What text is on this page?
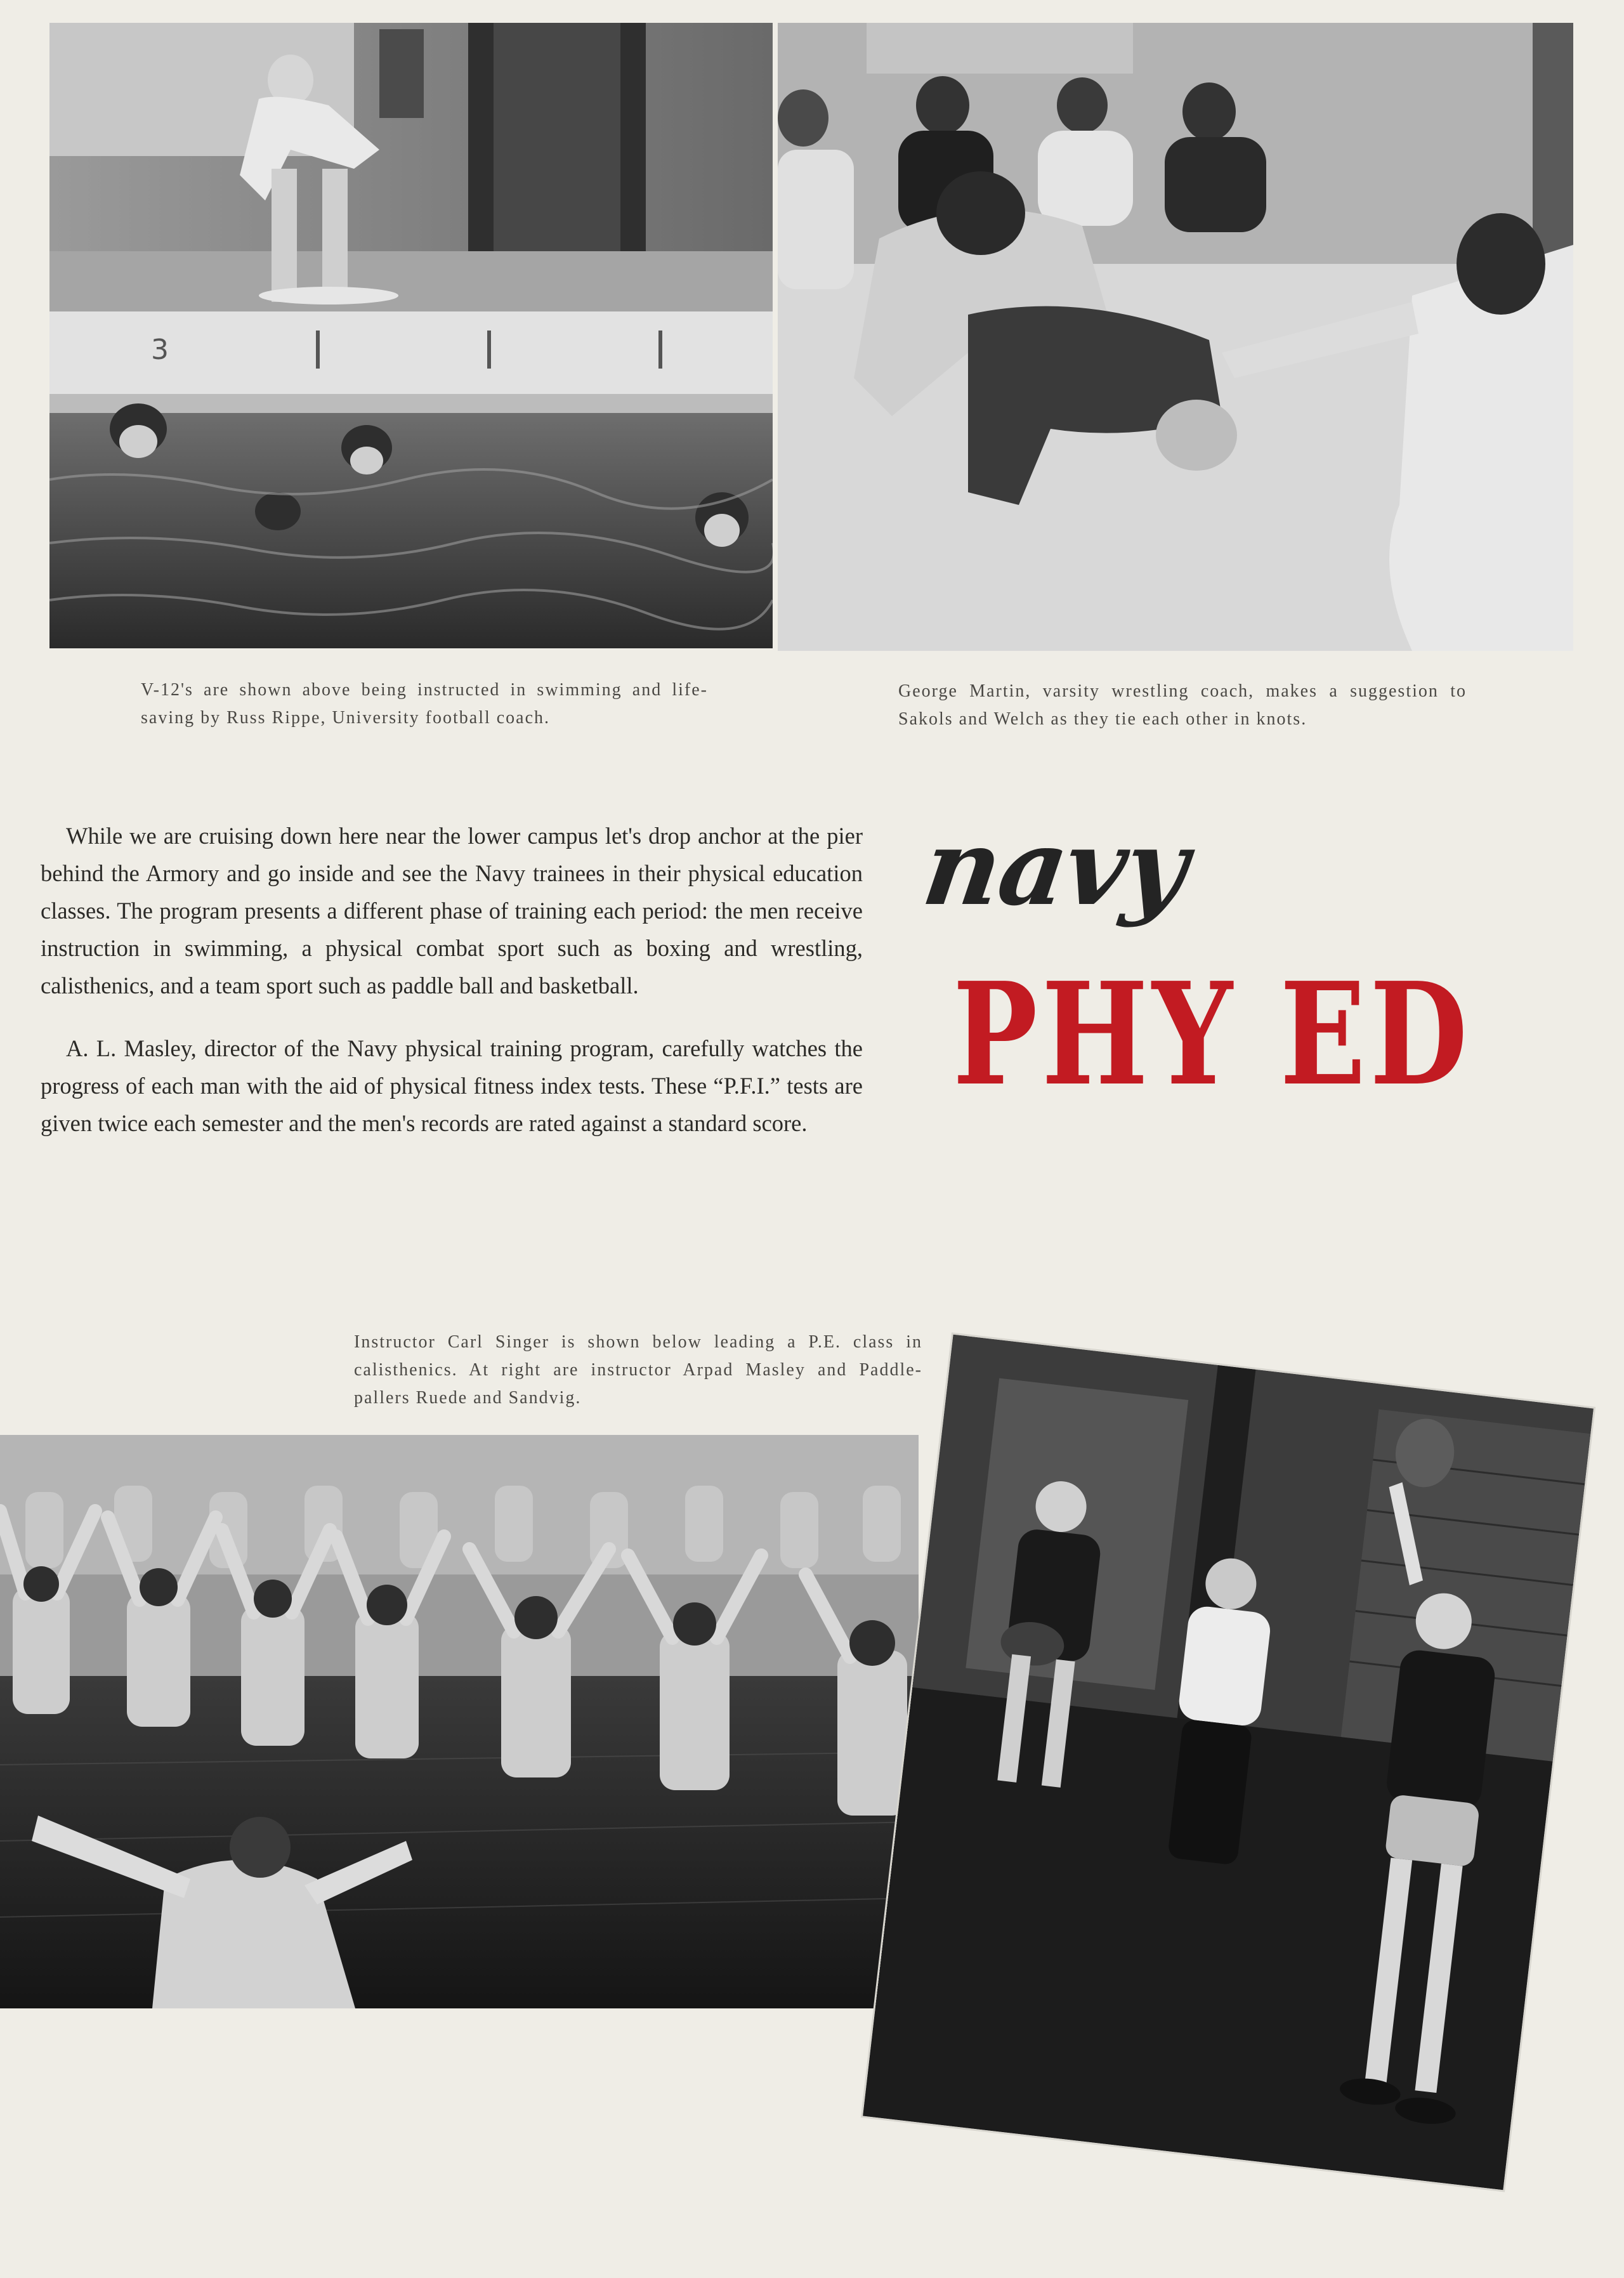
3

V-12's are shown above being instructed in swimming and life-saving by Russ Rippe, University football coach.

George Martin, varsity wrestling coach, makes a suggestion to Sakols and Welch as they tie each other in knots.

While we are cruising down here near the lower campus let's drop anchor at the pier behind the Armory and go inside and see the Navy trainees in their physical education classes. The program presents a different phase of training each period: the men receive instruction in swimming, a physical combat sport such as boxing and wrestling, calisthenics, and a team sport such as paddle ball and basketball.

A. L. Masley, director of the Navy physical training program, carefully watches the progress of each man with the aid of physical fitness index tests. These “P.F.I.” tests are given twice each semester and the men's records are rated against a standard score.

navy
PHY ED

Instructor Carl Singer is shown below leading a P.E. class in calisthenics. At right are instructor Arpad Masley and Paddle-pallers Ruede and Sandvig.
